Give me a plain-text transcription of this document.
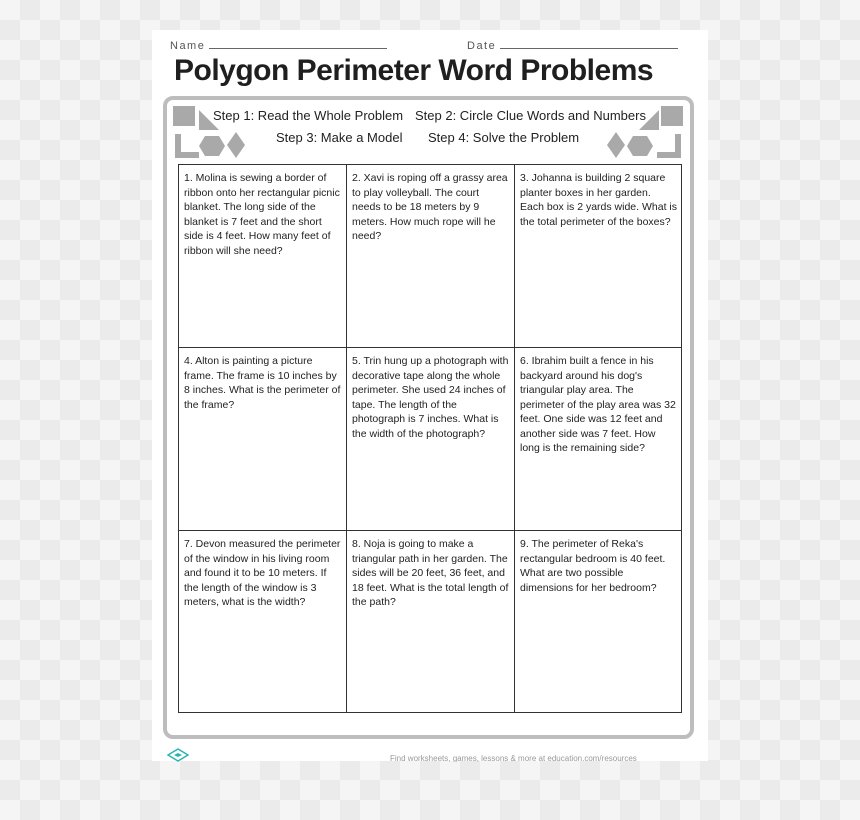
Name	Date
Polygon Perimeter Word Problems
Step 1: Read the Whole Problem Step 2: Circle Clue Words and Numbers
Step 3: Make a Model Step 4: Solve the Problem
1. Molina is sewing a border of ribbon onto her rectangular picnic blanket. The long side of the blanket is 7 feet and the short side is 4 feet. How many feet of ribbon will she need?
2. Xavi is roping off a grassy area to play volleyball. The court needs to be 18 meters by 9 meters. How much rope will he need?
3. Johanna is building 2 square planter boxes in her garden. Each box is 2 yards wide. What is the total perimeter of the boxes?
4. Alton is painting a picture frame. The frame is 10 inches by 8 inches. What is the perimeter of the frame?
5. Trin hung up a photograph with decorative tape along the whole perimeter. She used 24 inches of tape. The length of the photograph is 7 inches. What is the width of the photograph?
6. Ibrahim built a fence in his backyard around his dog's triangular play area. The perimeter of the play area was 32 feet. One side was 12 feet and another side was 7 feet. How long is the remaining side?
7. Devon measured the perimeter of the window in his living room and found it to be 10 meters. If the length of the window is 3 meters, what is the width?
8. Noja is going to make a triangular path in her garden. The sides will be 20 feet, 36 feet, and 18 feet. What is the total length of the path?
9. The perimeter of Reka's rectangular bedroom is 40 feet. What are two possible dimensions for her bedroom?
Find worksheets, games, lessons & more at education.com/resources
